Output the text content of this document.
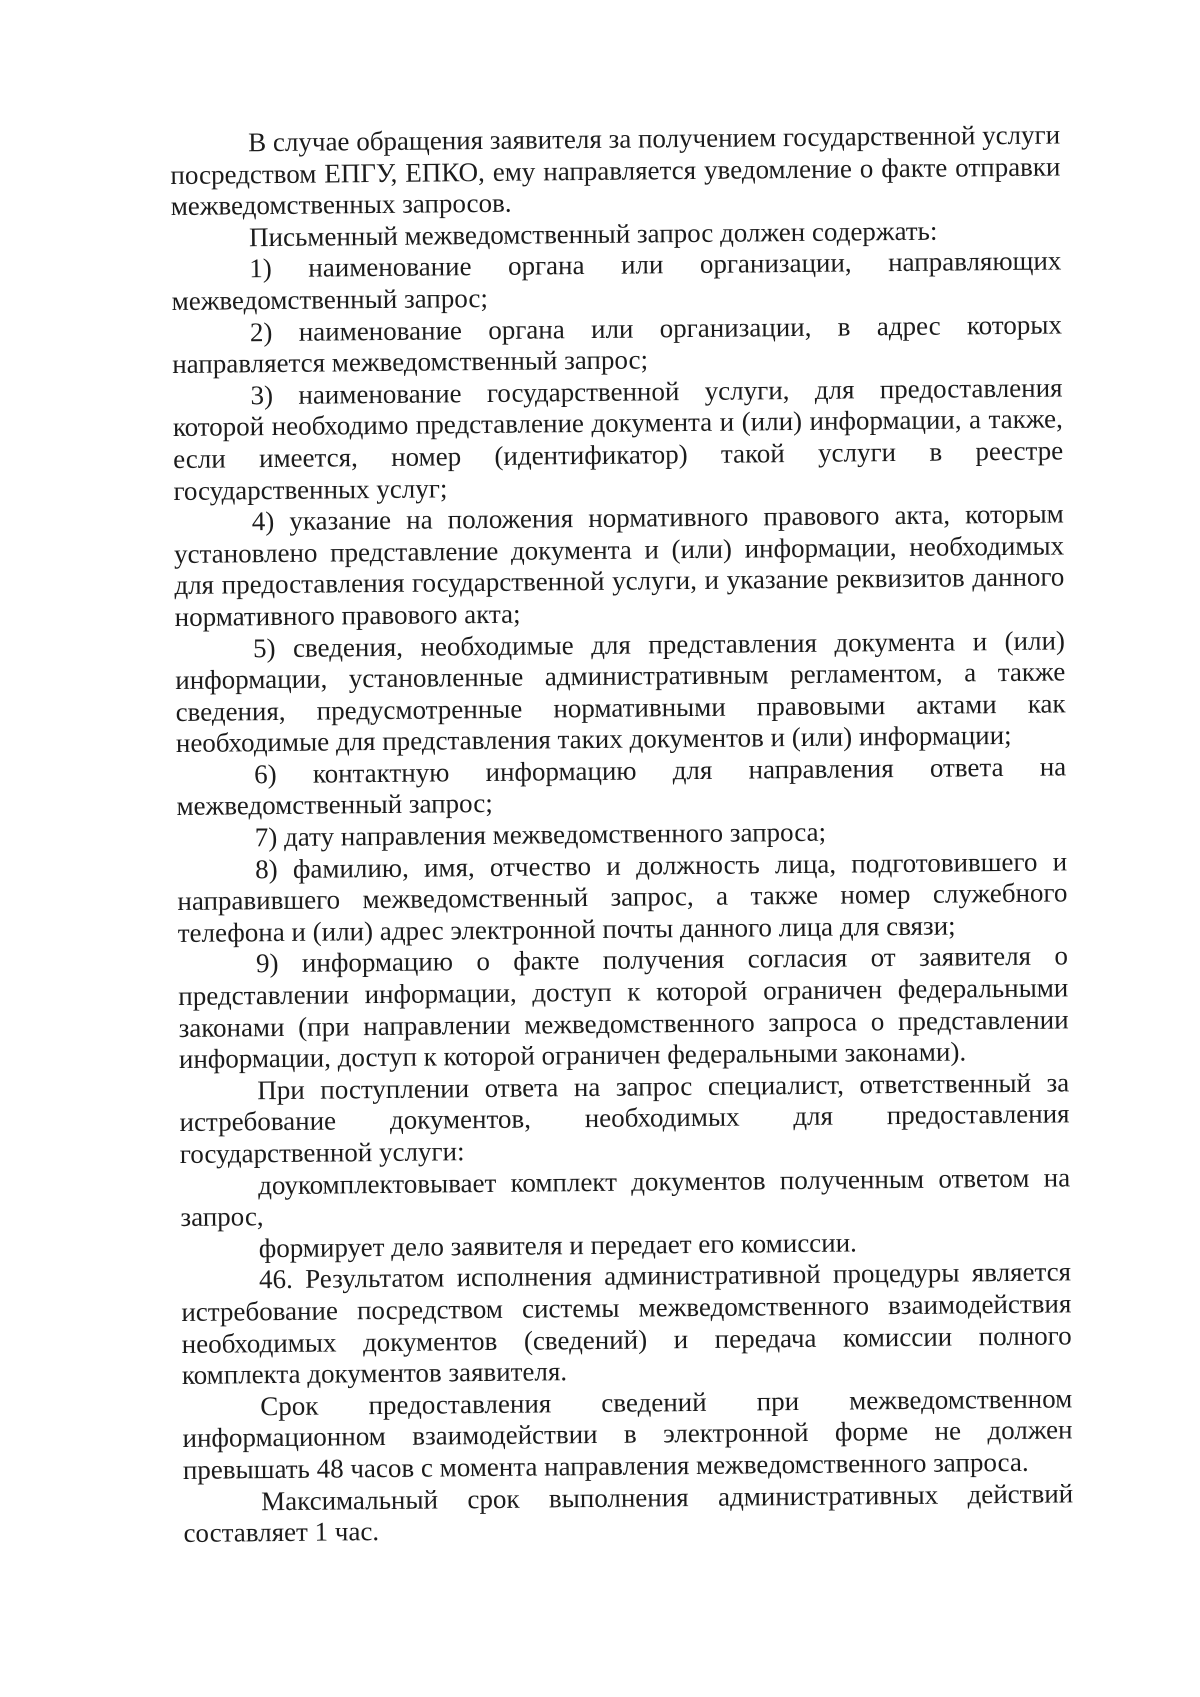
В случае обращения заявителя за получением государственной услуги посредством ЕПГУ, ЕПКО, ему направляется уведомление о факте отправки межведомственных запросов.

Письменный межведомственный запрос должен содержать:

1) наименование органа или организации, направляющих межведомственный запрос;

2) наименование органа или организации, в адрес которых направляется межведомственный запрос;

3) наименование государственной услуги, для предоставления которой необходимо представление документа и (или) информации, а также, если имеется, номер (идентификатор) такой услуги в реестре государственных услуг;

4) указание на положения нормативного правового акта, которым установлено представление документа и (или) информации, необходимых для предоставления государственной услуги, и указание реквизитов данного нормативного правового акта;

5) сведения, необходимые для представления документа и (или) информации, установленные административным регламентом, а также сведения, предусмотренные нормативными правовыми актами как необходимые для представления таких документов и (или) информации;

6) контактную информацию для направления ответа на межведомственный запрос;

7) дату направления межведомственного запроса;

8) фамилию, имя, отчество и должность лица, подготовившего и направившего межведомственный запрос, а также номер служебного телефона и (или) адрес электронной почты данного лица для связи;

9) информацию о факте получения согласия от заявителя о представлении информации, доступ к которой ограничен федеральными законами (при направлении межведомственного запроса о представлении информации, доступ к которой ограничен федеральными законами).

При поступлении ответа на запрос специалист, ответственный за истребование документов, необходимых для предоставления государственной услуги:

доукомплектовывает комплект документов полученным ответом на запрос,

формирует дело заявителя и передает его комиссии.

46. Результатом исполнения административной процедуры является истребование посредством системы межведомственного взаимодействия необходимых документов (сведений) и передача комиссии полного комплекта документов заявителя.

Срок предоставления сведений при межведомственном информационном взаимодействии в электронной форме не должен превышать 48 часов с момента направления межведомственного запроса.

Максимальный срок выполнения административных действий составляет 1 час.
